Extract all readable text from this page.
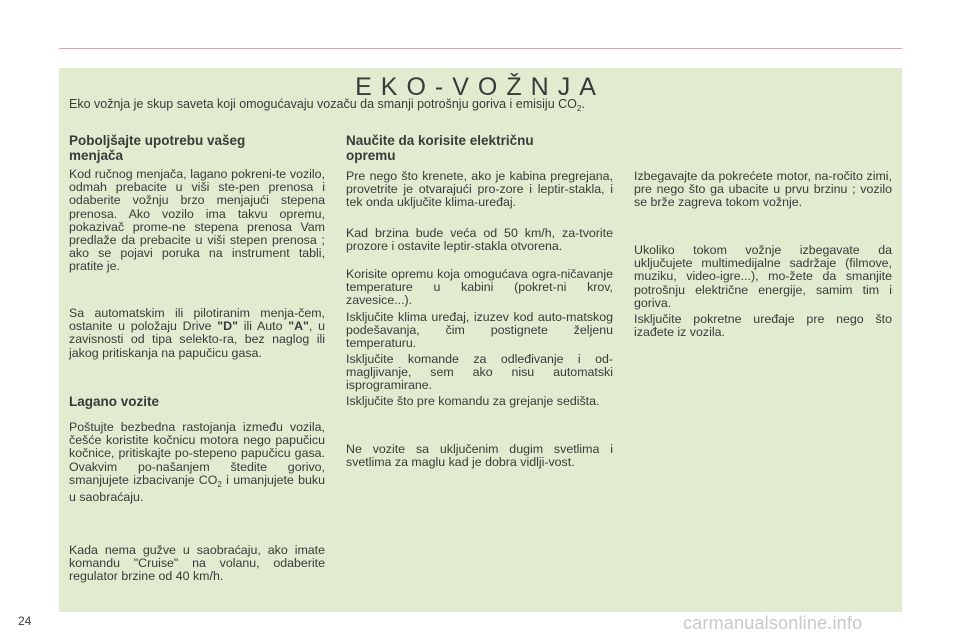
EKO-VOŽNJA
Eko vožnja je skup saveta koji omogućavaju vozaču da smanji potrošnju goriva i emisiju $CO_2$.
Poboljšajte upotrebu vašeg menjača

Kod ručnog menjača, lagano pokreni-te vozilo, odmah prebacite u viši ste-pen prenosa i odaberite vožnju brzo menjajući stepena prenosa. Ako vozilo ima takvu opremu, pokazivač prome-ne stepena prenosa Vam predlaže da prebacite u viši stepen prenosa ; ako se pojavi poruka na instrument tabli, pratite je.

Sa automatskim ili pilotiranim menja-čem, ostanite u položaju Drive "D" ili Auto "A", u zavisnosti od tipa selekto-ra, bez naglog ili jakog pritiskanja na papučicu gasa.

Lagano vozite

Poštujte bezbedna rastojanja između vozila, češće koristite kočnicu motora nego papučicu kočnice, pritiskajte po-stepeno papučicu gasa. Ovakvim po-našanjem štedite gorivo, smanjujete izbacivanje $CO_2$ i umanjujete buku u saobraćaju.

Kada nema gužve u saobraćaju, ako imate komandu "Cruise" na volanu, odaberite regulator brzine od 40 km/h.

Naučite da korisite električnu opremu

Pre nego što krenete, ako je kabina pregrejana, provetrite je otvarajući pro-zore i leptir-stakla, i tek onda uključite klima-uređaj.

Kad brzina bude veća od 50 km/h, za-tvorite prozore i ostavite leptir-stakla otvorena.

Korisite opremu koja omogućava ogra-ničavanje temperature u kabini (pokret-ni krov, zavesice...).

Isključite klima uređaj, izuzev kod auto-matskog podešavanja, čim postignete željenu temperaturu.

Isključite komande za odleđivanje i od-magljivanje, sem ako nisu automatski isprogramirane.

Isključite što pre komandu za grejanje sedišta.

Ne vozite sa uključenim dugim svetlima i svetlima za maglu kad je dobra vidlji-vost.

Izbegavajte da pokrećete motor, na-ročito zimi, pre nego što ga ubacite u prvu brzinu ; vozilo se brže zagreva tokom vožnje.

Ukoliko tokom vožnje izbegavate da uključujete multimedijalne sadržaje (filmove, muziku, video-igre...), mo-žete da smanjite potrošnju električne energije, samim tim i goriva.

Isključite pokretne uređaje pre nego što izađete iz vozila.

24	carmanualsonline.info
